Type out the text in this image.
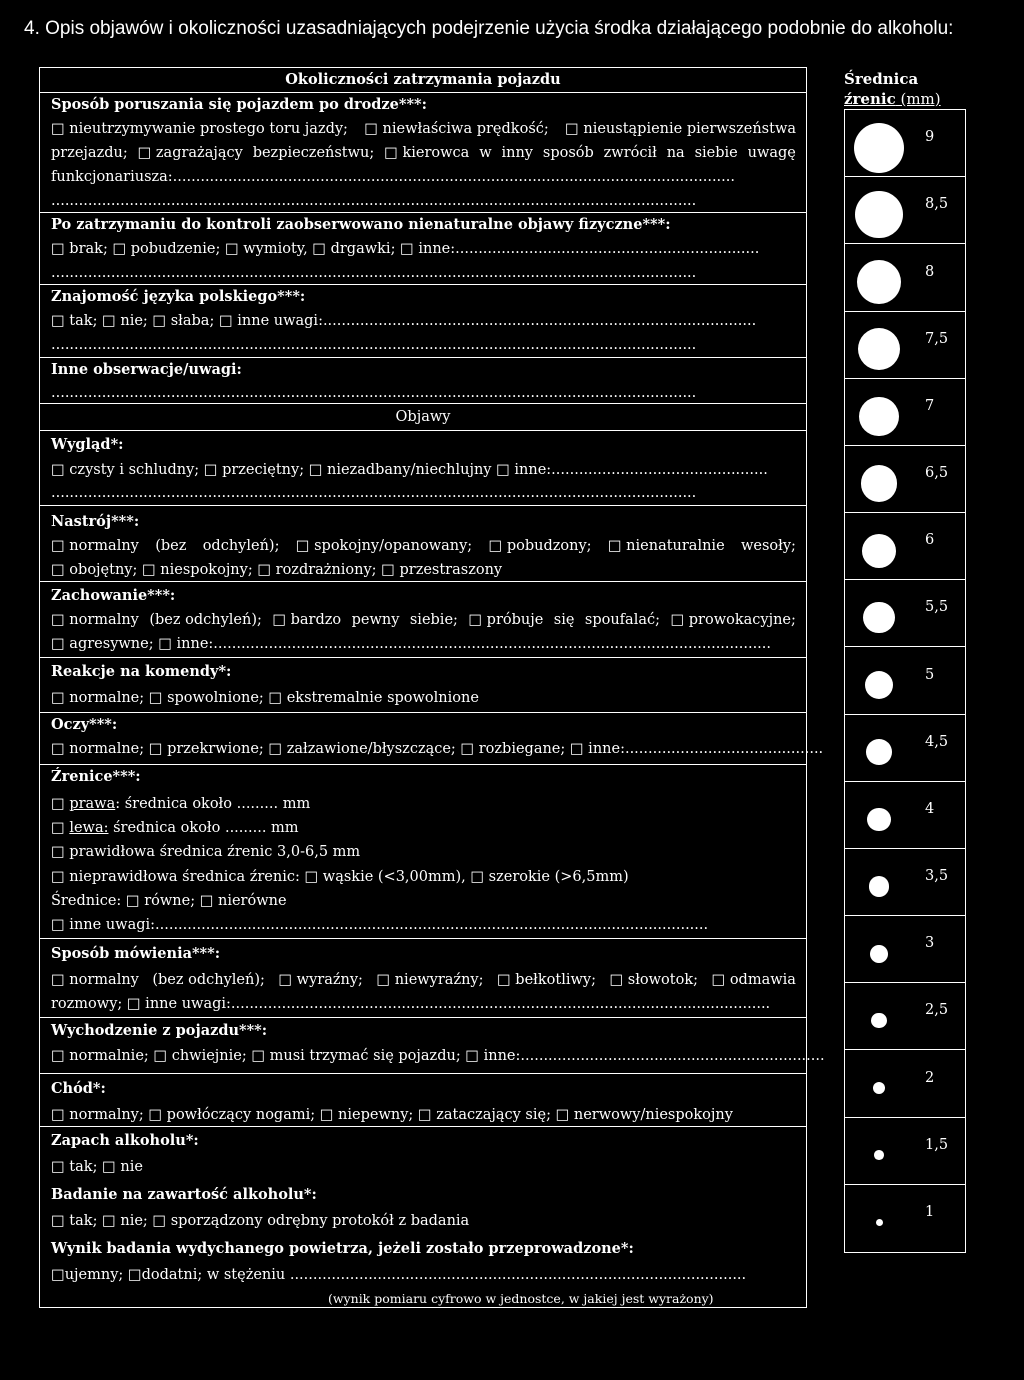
4. Opis objawów i okoliczności uzasadniających podejrzenie użycia środka działającego podobnie do alkoholu:
Okoliczności zatrzymania pojazdu
Sposób poruszania się pojazdem po drodze***:
□ nieutrzymywanie prostego toru jazdy; □ niewłaściwa prędkość; □ nieustąpienie pierwszeństwa
przejazdu; □ zagrażający bezpieczeństwu; □ kierowca w inny sposób zwrócił na siebie uwagę
funkcjonariusza:..........................................................................................................................
............................................................................................................................................
Po zatrzymaniu do kontroli zaobserwowano nienaturalne objawy fizyczne***:
□ brak; □ pobudzenie; □ wymioty, □ drgawki; □ inne:..................................................................
............................................................................................................................................
Znajomość języka polskiego***:
□ tak; □ nie; □ słaba; □ inne uwagi:..............................................................................................
............................................................................................................................................
Inne obserwacje/uwagi:
............................................................................................................................................
Objawy
Wygląd*:
□ czysty i schludny; □ przeciętny; □ niezadbany/niechlujny □ inne:...............................................
............................................................................................................................................
Nastrój***:
□ normalny (bez odchyleń); □ spokojny/opanowany; □ pobudzony; □ nienaturalnie wesoły;
□ obojętny; □ niespokojny; □ rozdrażniony; □ przestraszony
Zachowanie***:
□ normalny (bez odchyleń); □ bardzo pewny siebie; □ próbuje się spoufalać; □ prowokacyjne;
□ agresywne; □ inne:.........................................................................................................................
Reakcje na komendy*:
□ normalne; □ spowolnione; □ ekstremalnie spowolnione
Oczy***:
□ normalne; □ przekrwione; □ załzawione/błyszczące; □ rozbiegane; □ inne:...........................................
Źrenice***:
□ prawa: średnica około ......... mm
□ lewa: średnica około ......... mm
□ prawidłowa średnica źrenic 3,0-6,5 mm
□ nieprawidłowa średnica źrenic: □ wąskie (<3,00mm), □ szerokie (>6,5mm)
Średnice: □ równe; □ nierówne
□ inne uwagi:........................................................................................................................
Sposób mówienia***:
□ normalny (bez odchyleń); □ wyraźny; □ niewyraźny; □ bełkotliwy; □ słowotok; □ odmawia
rozmowy; □ inne uwagi:.....................................................................................................................
Wychodzenie z pojazdu***:
□ normalnie; □ chwiejnie; □ musi trzymać się pojazdu; □ inne:..................................................................
Chód*:
□ normalny; □ powłóczący nogami; □ niepewny; □ zataczający się; □ nerwowy/niespokojny
Zapach alkoholu*:
□ tak; □ nie
Badanie na zawartość alkoholu*:
□ tak; □ nie; □ sporządzony odrębny protokół z badania
Wynik badania wydychanego powietrza, jeżeli zostało przeprowadzone*:
□ujemny; □dodatni; w stężeniu ...................................................................................................
(wynik pomiaru cyfrowo w jednostce, w jakiej jest wyrażony)
Średnica
źrenic (mm)
9
8,5
8
7,5
7
6,5
6
5,5
5
4,5
4
3,5
3
2,5
2
1,5
1
